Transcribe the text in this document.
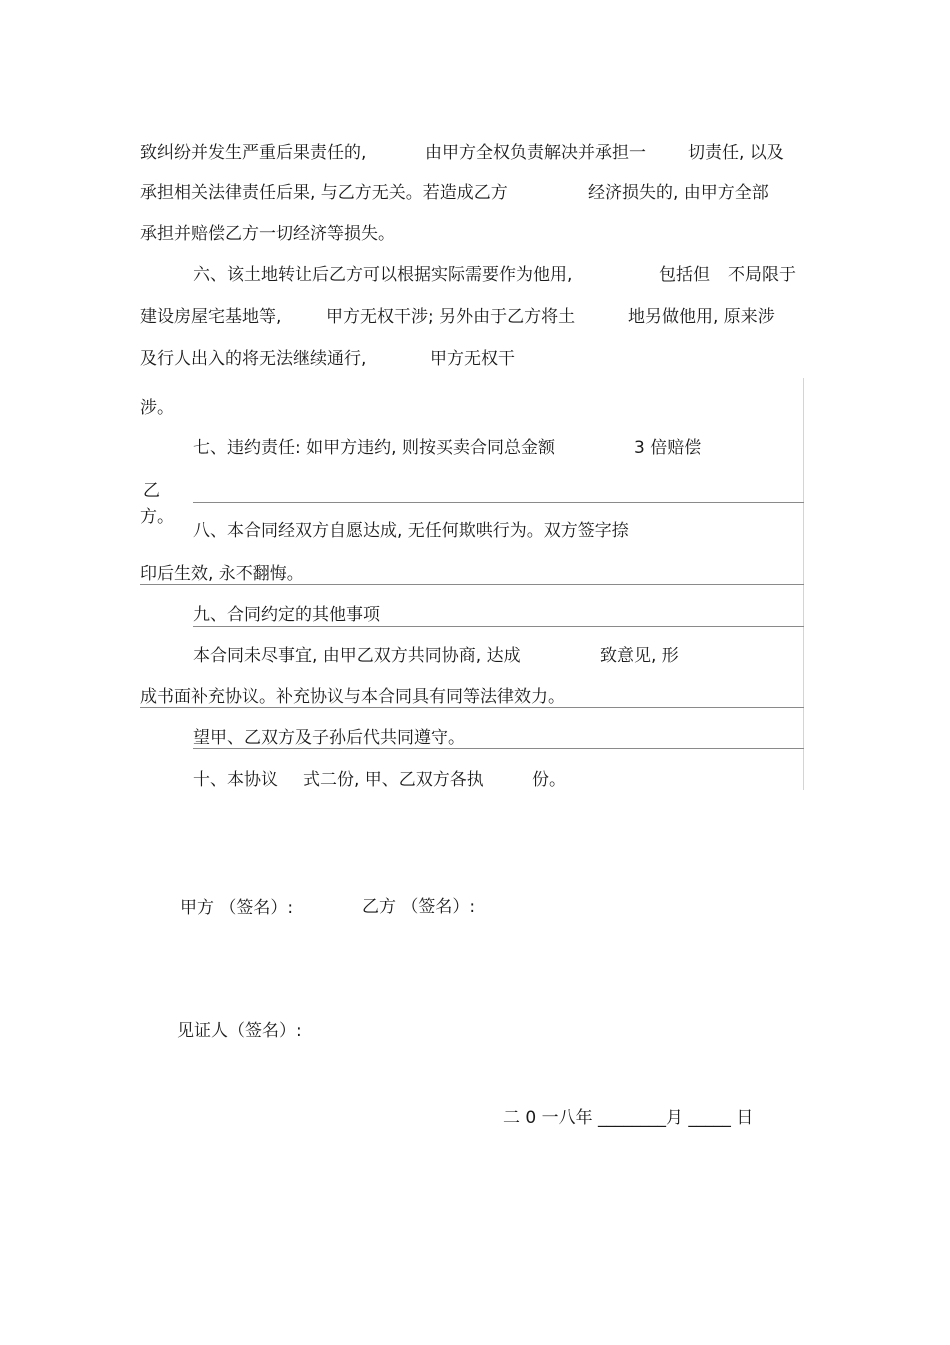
致纠纷并发生严重后果责任的,	由甲方全权负责解决并承担一 切责任, 以及
承担相关法律责任后果, 与乙方无关。若造成乙方	经济损失的, 由甲方全部
承担并赔偿乙方一切经济等损失。
六、该土地转让后乙方可以根据实际需要作为他用,	包括但 不局限于
建设房屋宅基地等,	甲方无权干涉; 另外由于乙方将土	地另做他用, 原来涉
及行人出入的将无法继续通行,	甲方无权干
涉。
七、违约责任: 如甲方违约, 则按买卖合同总金额	3 倍赔偿
乙
方。
八、本合同经双方自愿达成, 无任何欺哄行为。双方签字捺
印后生效, 永不翻悔。
九、合同约定的其他事项
本合同未尽事宜, 由甲乙双方共同协商, 达成	致意见, 形
成书面补充协议。补充协议与本合同具有同等法律效力。
望甲、乙双方及子孙后代共同遵守。
十、本协议 式二份, 甲、乙双方各执	份。
甲方 （签名）:	乙方 （签名）:
见证人（签名）:
二 0 一八年 ________月 _____ 日
